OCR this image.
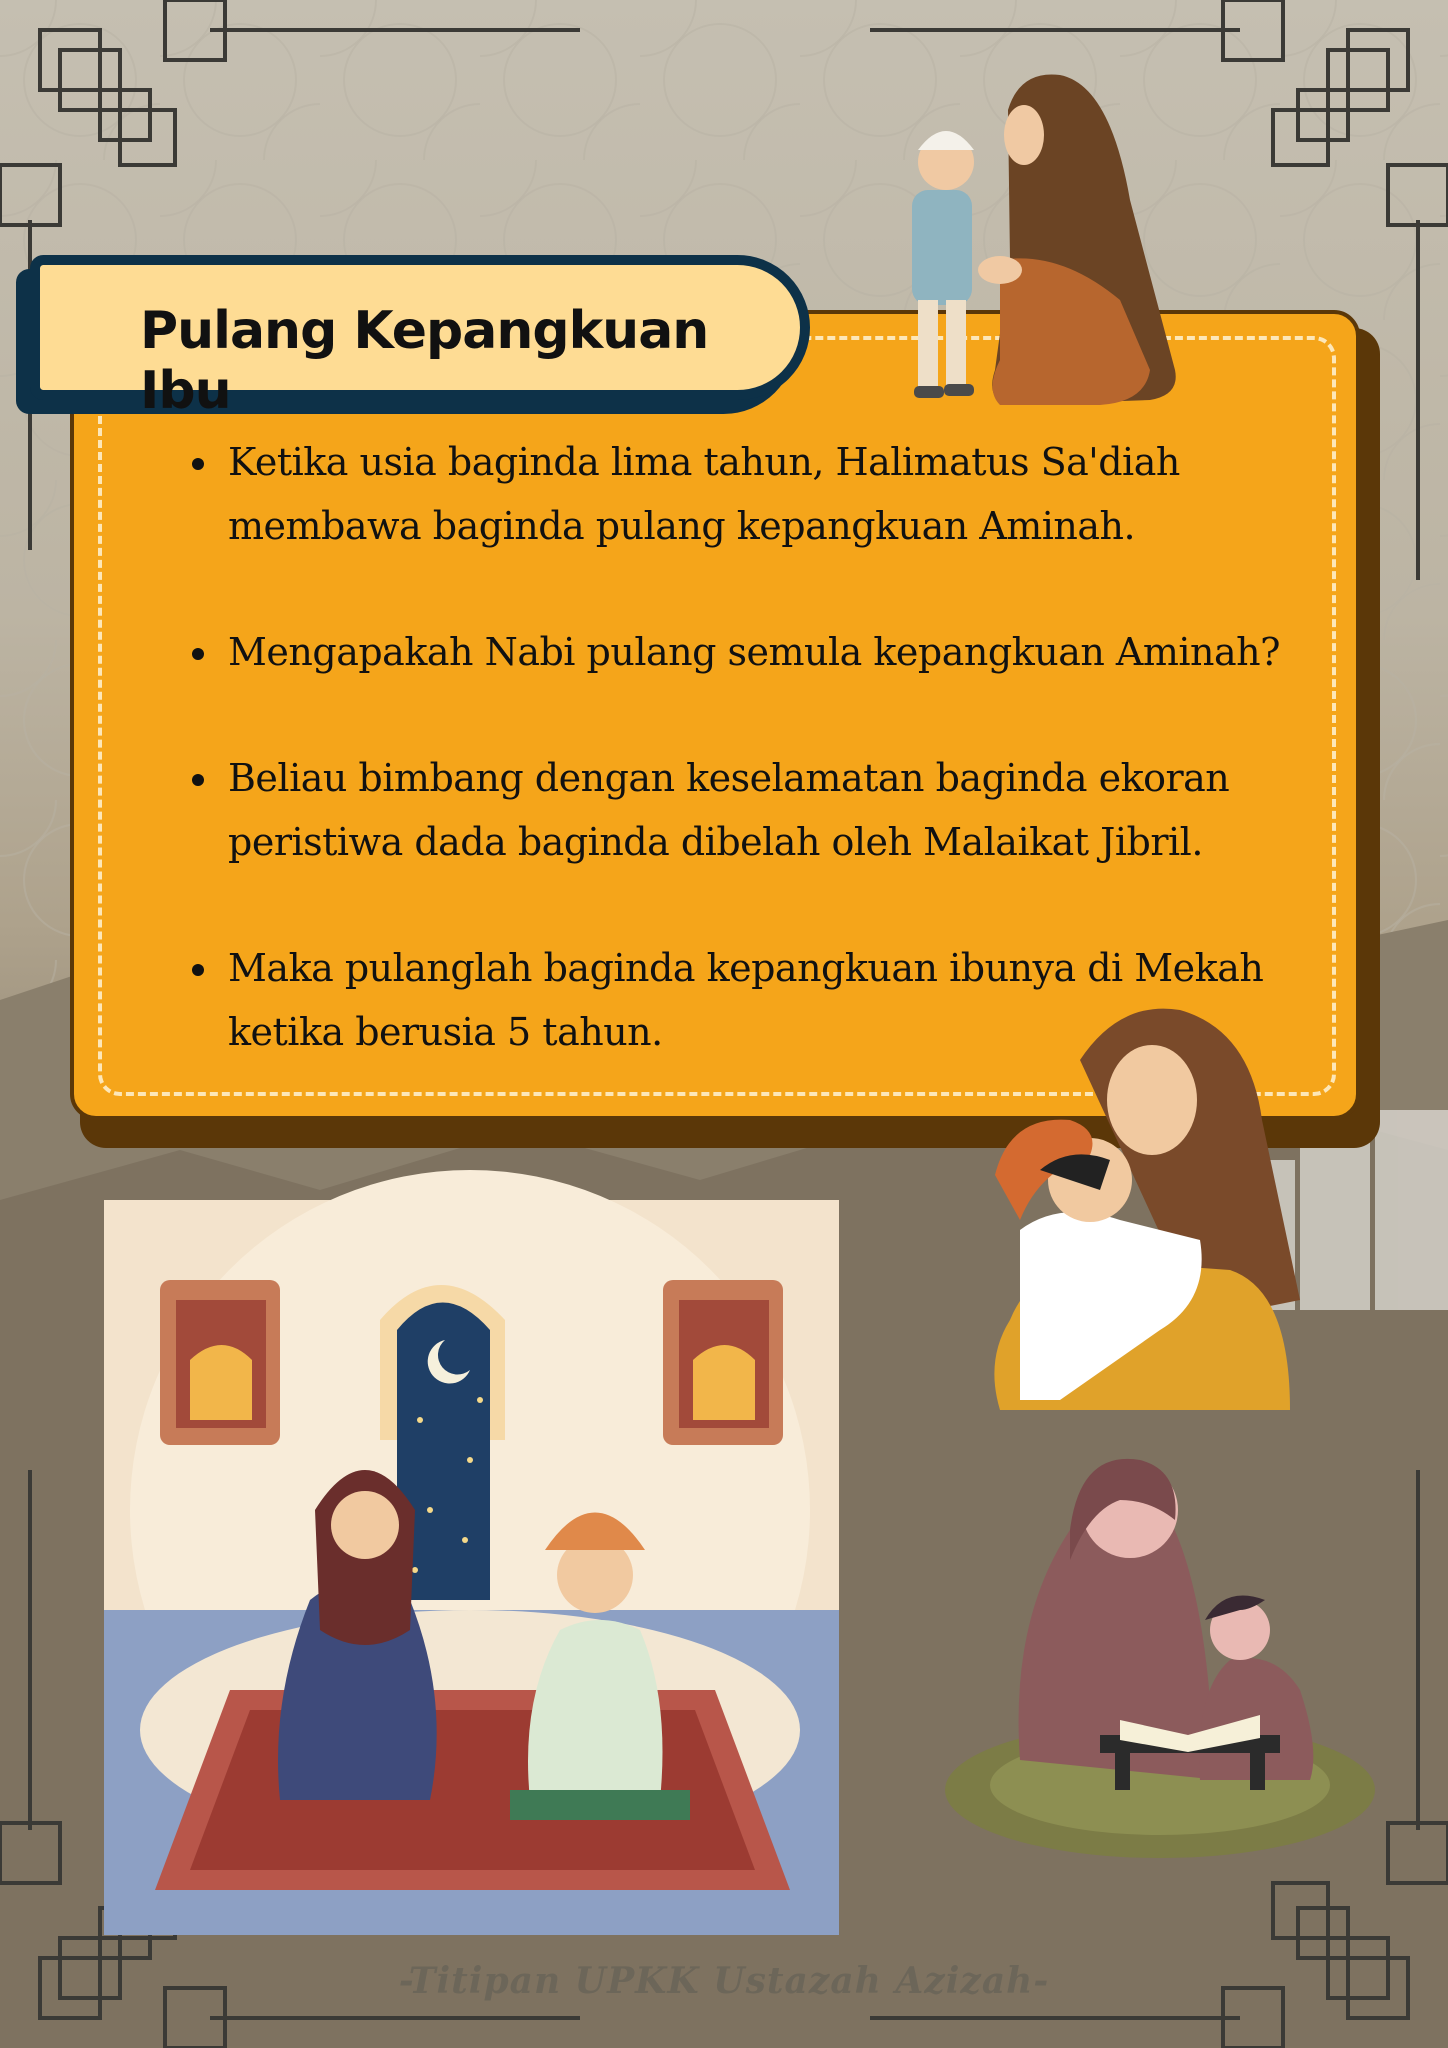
Pulang Kepangkuan Ibu
• Ketika usia baginda lima tahun, Halimatus Sa'diah membawa baginda pulang kepangkuan Aminah.
• Mengapakah Nabi pulang semula kepangkuan Aminah?
• Beliau bimbang dengan keselamatan baginda ekoran peristiwa dada baginda dibelah oleh Malaikat Jibril.
• Maka pulanglah baginda kepangkuan ibunya di Mekah ketika berusia 5 tahun.
-Titipan UPKK Ustazah Azizah-
